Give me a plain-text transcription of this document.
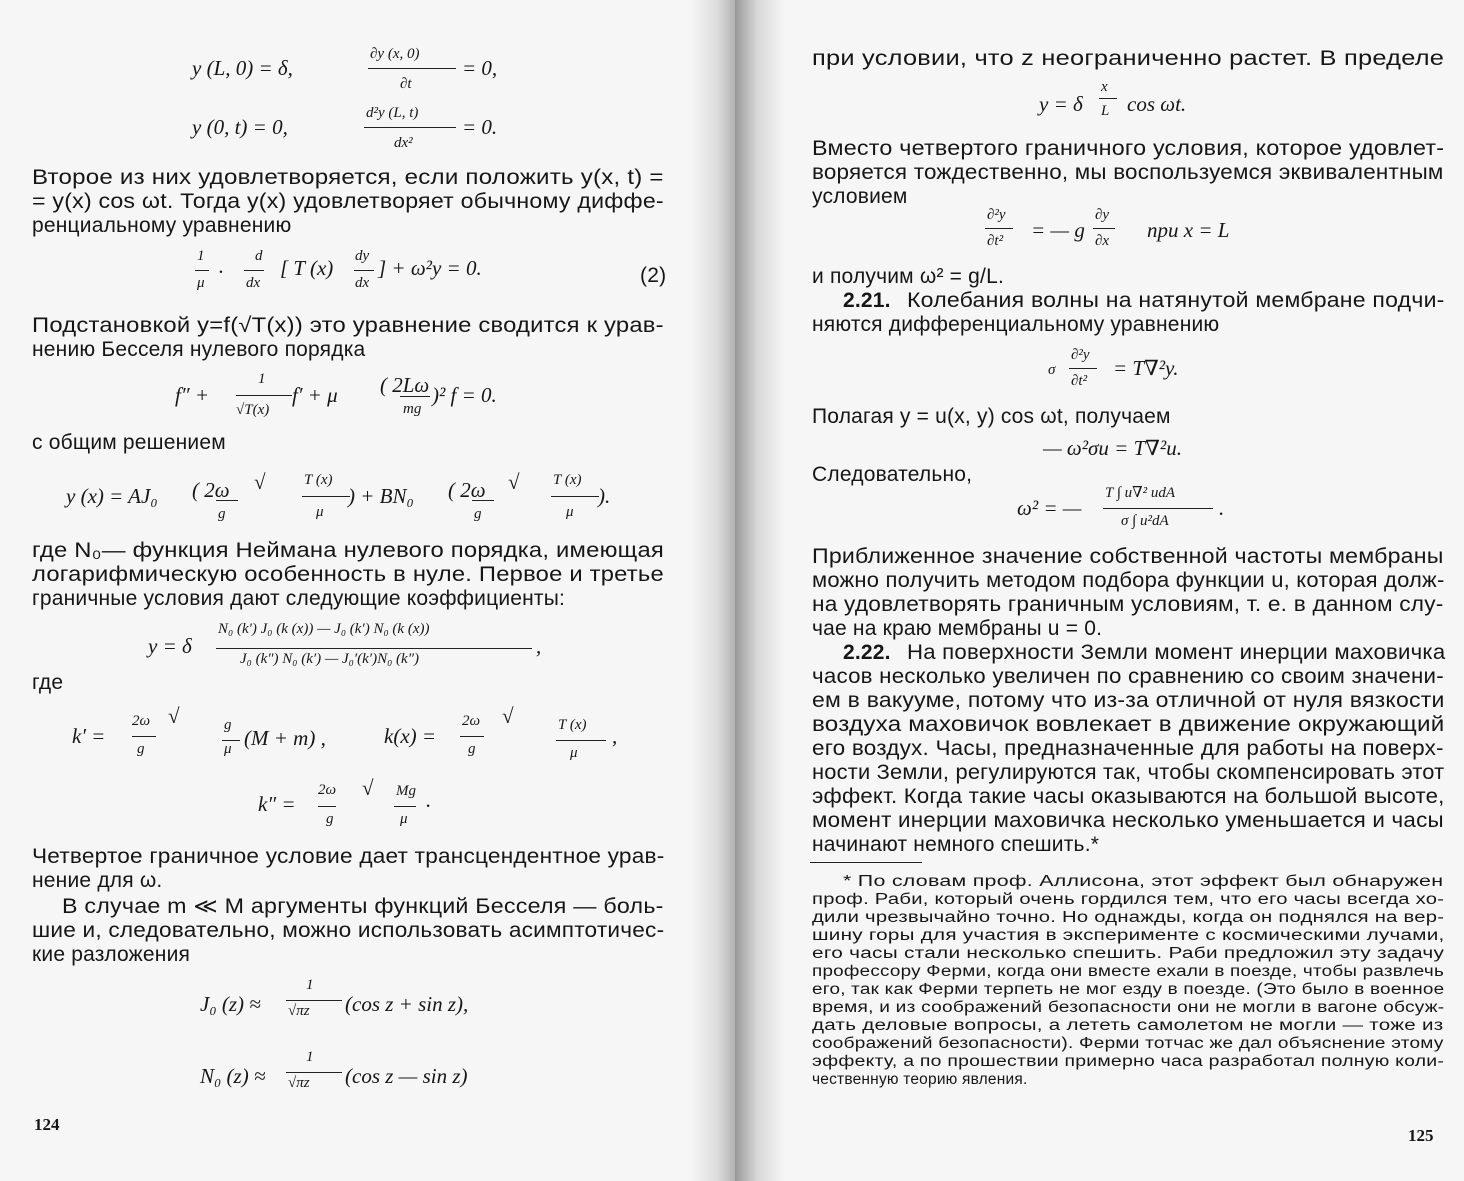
y (L, 0) = δ,
∂y (x, 0)
∂t
= 0,
y (0, t) = 0,
d²y (L, t)
dx²
= 0.
Второе из них удовлетворяется, если положить y(x, t) =
= y(x) cos ωt. Тогда y(x) удовлетворяет обычному диффе-
ренциальному уравнению
1
μ ·
d
dx
[ T (x) dy
dx
] + ω²y = 0.	(2)
Подстановкой y=f(√T(x)) это уравнение сводится к урав-
нению Бесселя нулевого порядка
f″ +
1
√T(x)
f′ + μ ( 2Lω
mg
)² f = 0.
с общим решением
y (x) = AJ₀ ( 2ω
g
√	T (x)
μ
) + BN₀ ( 2ω
g
√ T (x)
μ
).
где N₀— функция Неймана нулевого порядка, имеющая
логарифмическую особенность в нуле. Первое и третье
граничные условия дают следующие коэффициенты:
y = δ
N₀ (k′) J₀ (k (x)) — J₀ (k′) N₀ (k (x))
J₀ (k″) N₀ (k′) — J₀′(k′)N₀ (k″)
,
где
k′ =
2ω
g
√	g
μ (M + m) ,	k(x) =
2ω
g
√	T (x)
μ
,
k″ =
2ω
g
√ Mg
μ
.
Четвертое граничное условие дает трансцендентное урав-
нение для ω.
В случае m ≪ M аргументы функций Бесселя — боль-
шие и, следовательно, можно использовать асимптотичес-
кие разложения
J₀ (z) ≈
1
√πz (cos z + sin z),
N₀ (z) ≈
1
√πz (cos z — sin z)
124
при условии, что z неограниченно растет. В пределе
y = δ
x
L cos ωt.
Вместо четвертого граничного условия, которое удовлет-
воряется тождественно, мы воспользуемся эквивалентным
условием
∂²y
∂t² = — g
∂y
∂x при x = L
и получим ω² = g/L.
2.21. Колебания волны на натянутой мембране подчи-
няются дифференциальному уравнению
σ
∂²y
∂t²
= T∇²y.
Полагая y = u(x, y) cos ωt, получаем
— ω²σu = T∇²u.
Следовательно,
ω² = —
T ∫ u∇² udA
σ ∫ u²dA
.
Приближенное значение собственной частоты мембраны
можно получить методом подбора функции u, которая долж-
на удовлетворять граничным условиям, т. е. в данном слу-
чае на краю мембраны u = 0.
2.22. На поверхности Земли момент инерции маховичка
часов несколько увеличен по сравнению со своим значени-
ем в вакууме, потому что из-за отличной от нуля вязкости
воздуха маховичок вовлекает в движение окружающий
его воздух. Часы, предназначенные для работы на поверх-
ности Земли, регулируются так, чтобы скомпенсировать этот
эффект. Когда такие часы оказываются на большой высоте,
момент инерции маховичка несколько уменьшается и часы
начинают немного спешить.*
* По словам проф. Аллисона, этот эффект был обнаружен
проф. Раби, который очень гордился тем, что его часы всегда хо-
дили чрезвычайно точно. Но однажды, когда он поднялся на вер-
шину горы для участия в эксперименте с космическими лучами,
его часы стали несколько спешить. Раби предложил эту задачу
профессору Ферми, когда они вместе ехали в поезде, чтобы развлечь
его, так как Ферми терпеть не мог езду в поезде. (Это было в военное
время, и из соображений безопасности они не могли в вагоне обсуж-
дать деловые вопросы, а лететь самолетом не могли — тоже из
соображений безопасности). Ферми тотчас же дал объяснение этому
эффекту, а по прошествии примерно часа разработал полную коли-
чественную теорию явления.
125
